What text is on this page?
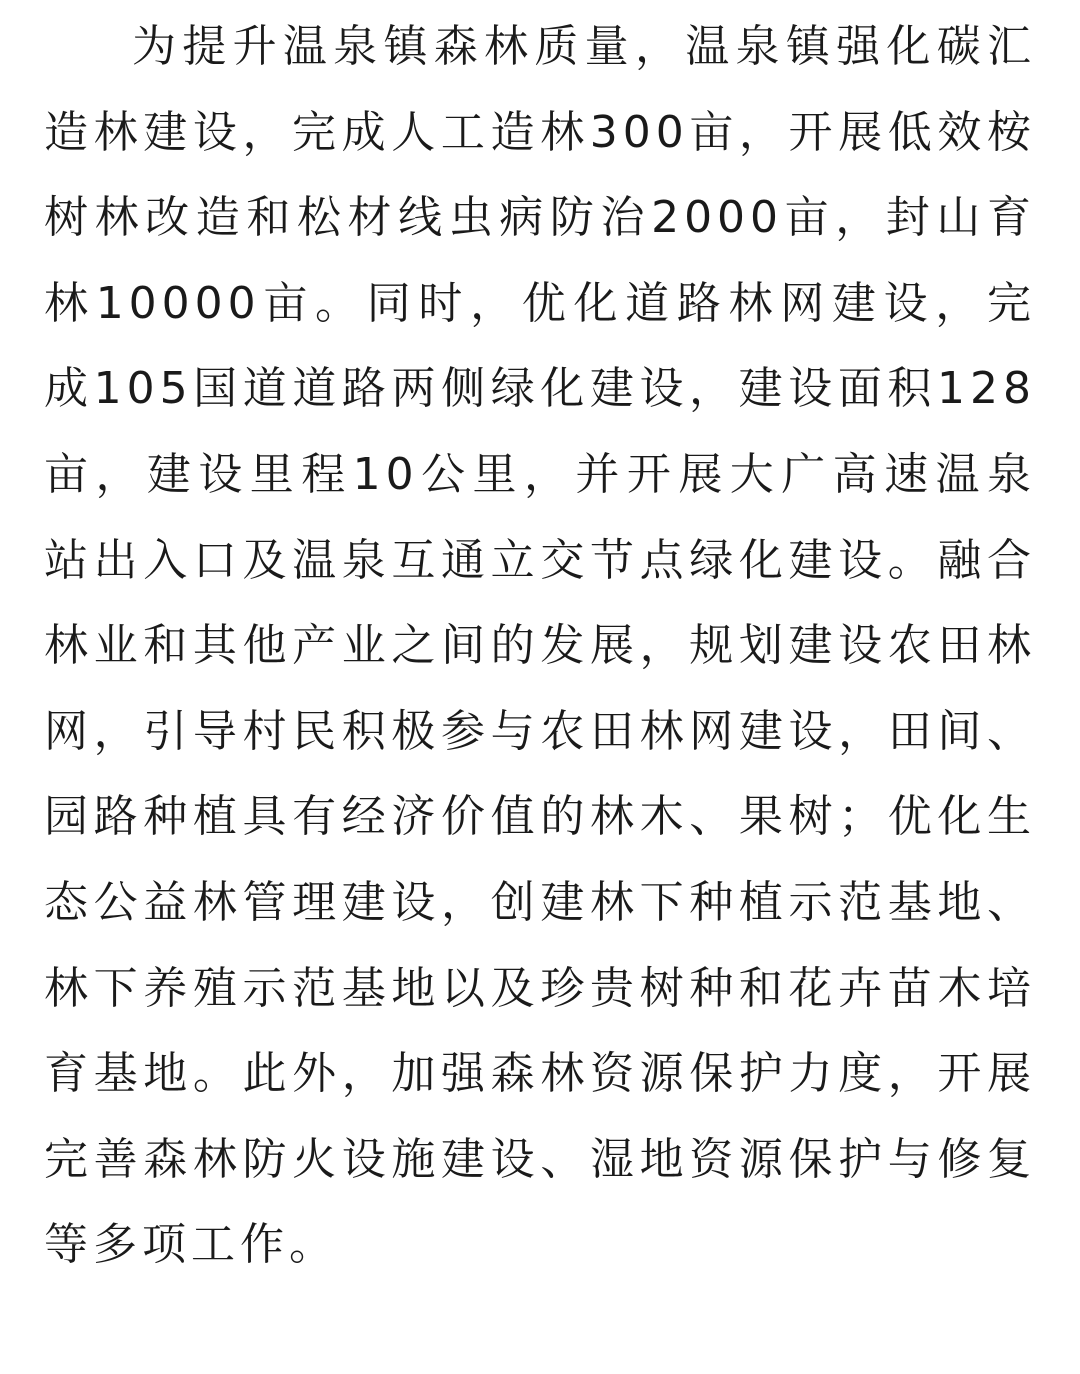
为提升温泉镇森林质量，温泉镇强化碳汇造林建设，完成人工造林300亩，开展低效桉树林改造和松材线虫病防治2000亩，封山育林10000亩。同时，优化道路林网建设，完成105国道道路两侧绿化建设，建设面积128亩，建设里程10公里，并开展大广高速温泉站出入口及温泉互通立交节点绿化建设。融合林业和其他产业之间的发展，规划建设农田林网，引导村民积极参与农田林网建设，田间、园路种植具有经济价值的林木、果树；优化生态公益林管理建设，创建林下种植示范基地、林下养殖示范基地以及珍贵树种和花卉苗木培育基地。此外，加强森林资源保护力度，开展完善森林防火设施建设、湿地资源保护与修复等多项工作。
